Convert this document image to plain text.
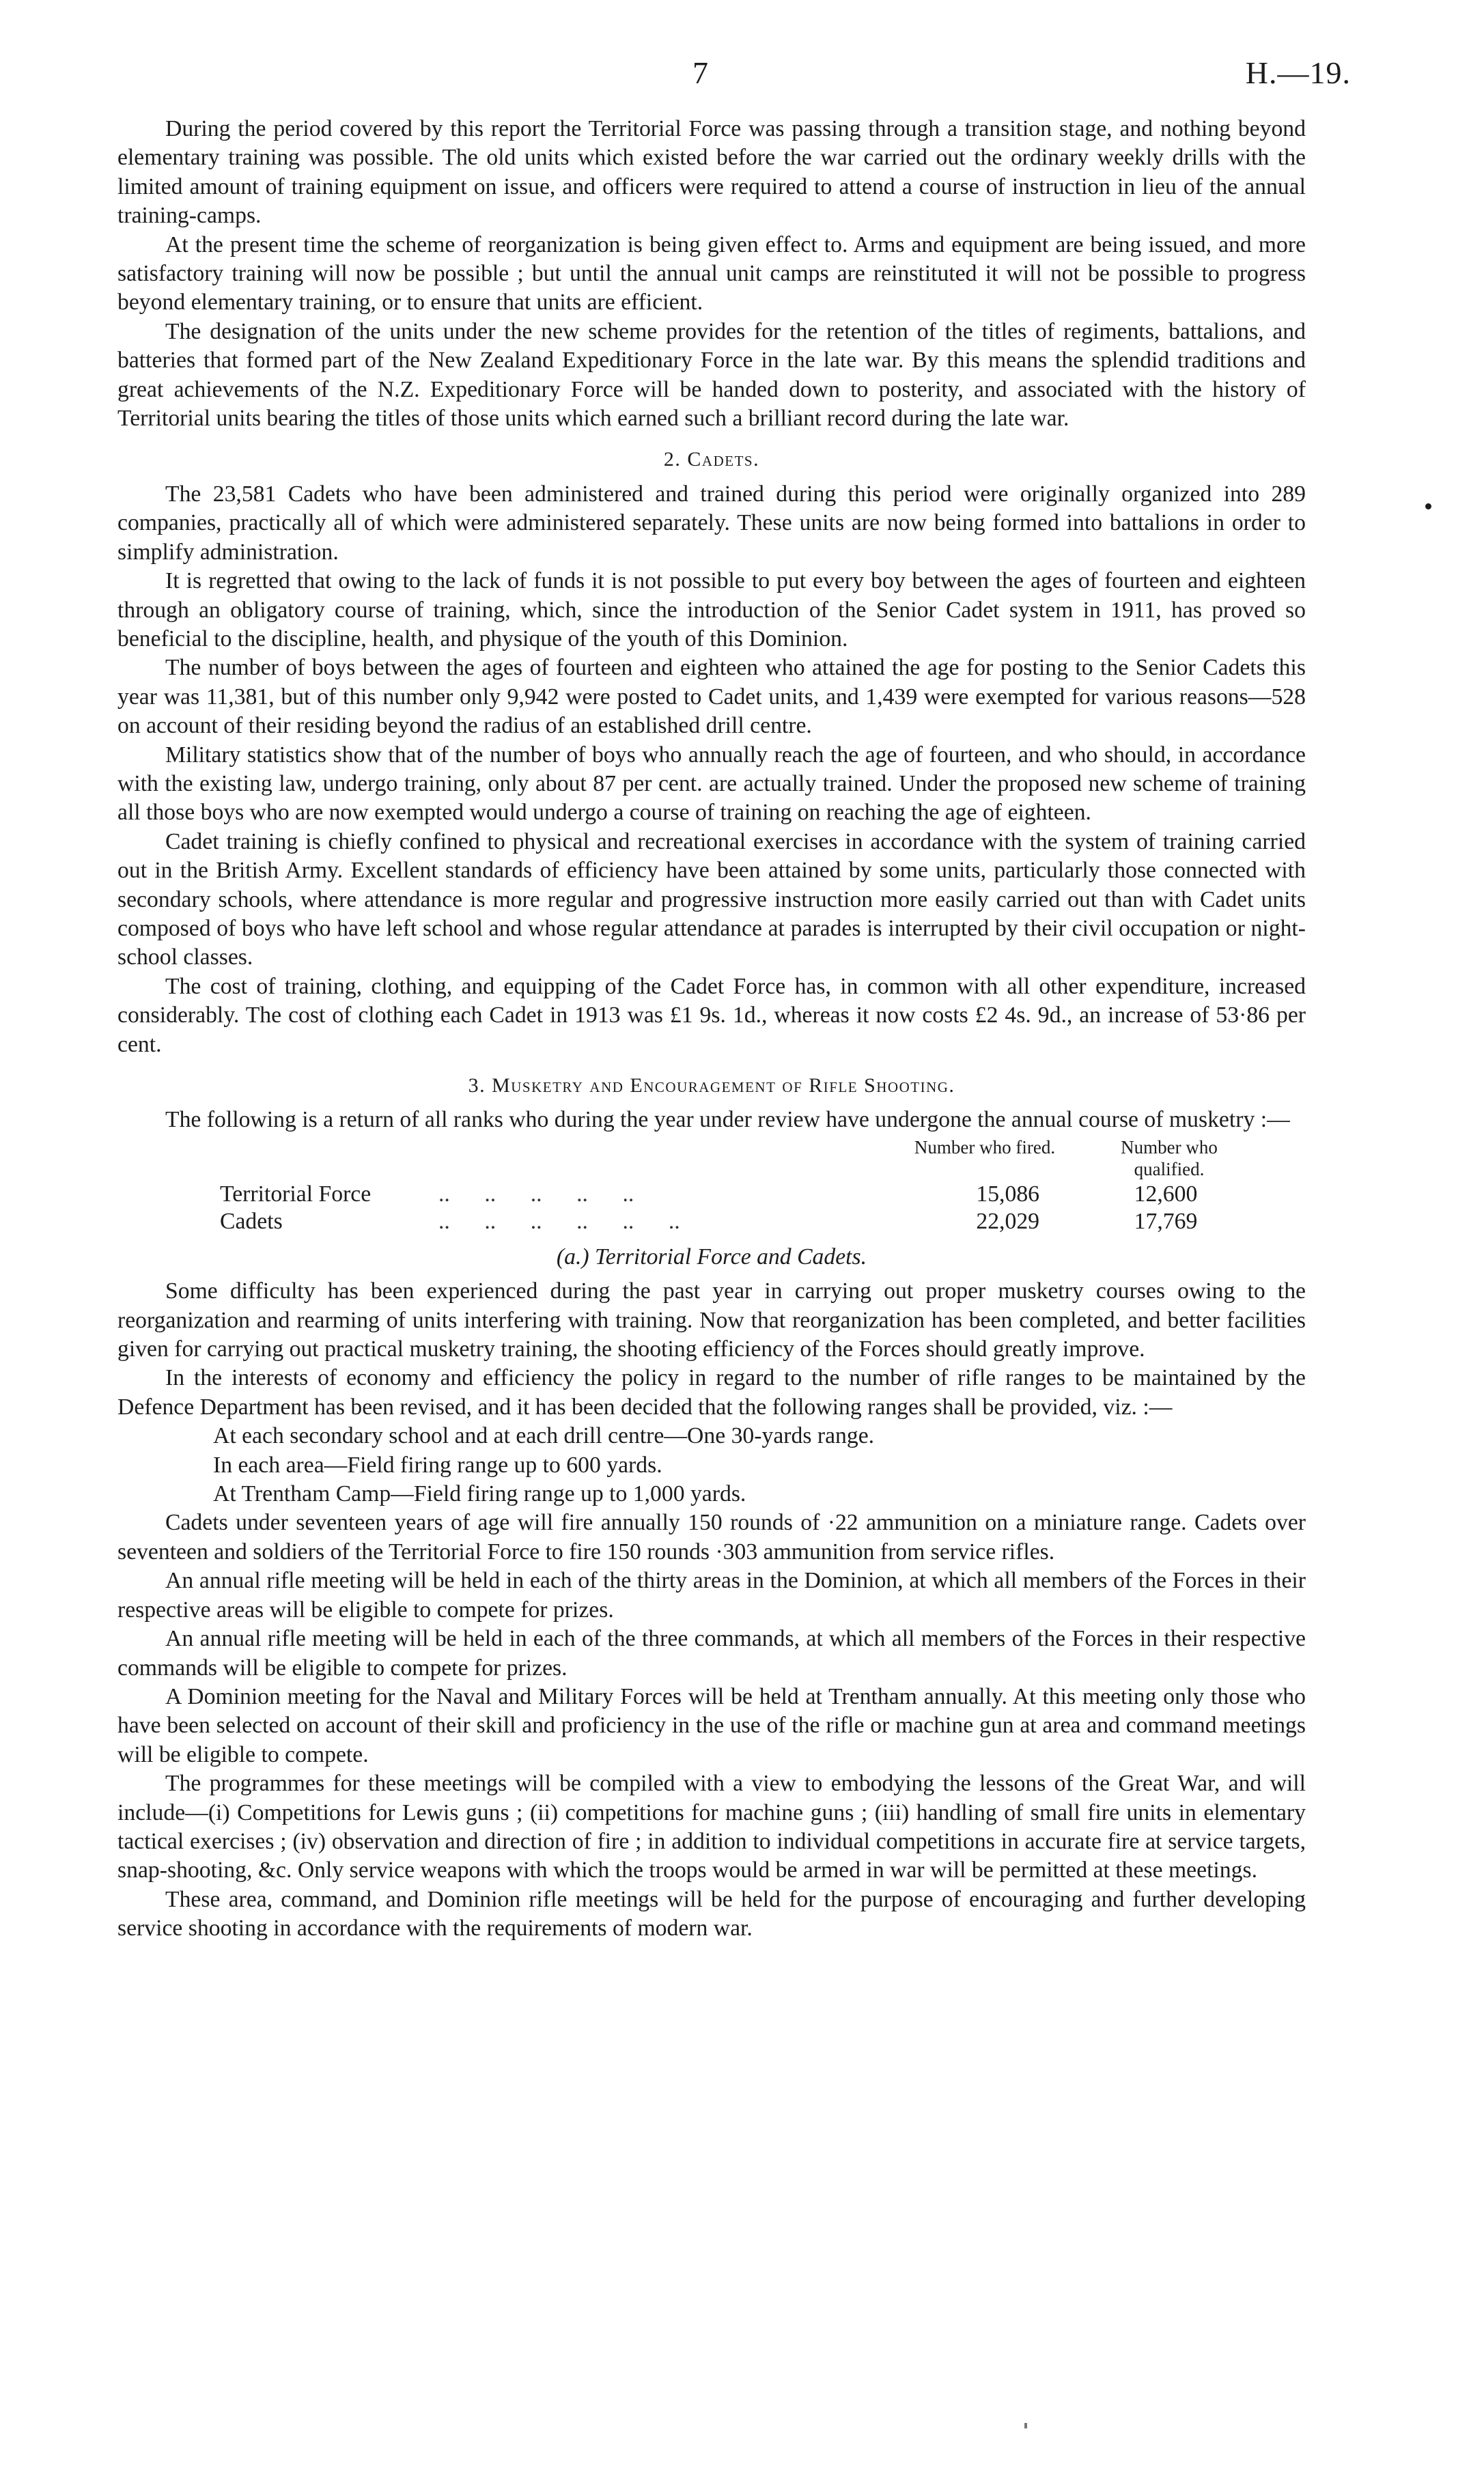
7	H.—19.

During the period covered by this report the Territorial Force was passing through a transition stage, and nothing beyond elementary training was possible. The old units which existed before the war carried out the ordinary weekly drills with the limited amount of training equipment on issue, and officers were required to attend a course of instruction in lieu of the annual training-camps.

At the present time the scheme of reorganization is being given effect to. Arms and equipment are being issued, and more satisfactory training will now be possible ; but until the annual unit camps are reinstituted it will not be possible to progress beyond elementary training, or to ensure that units are efficient.

The designation of the units under the new scheme provides for the retention of the titles of regiments, battalions, and batteries that formed part of the New Zealand Expeditionary Force in the late war. By this means the splendid traditions and great achievements of the N.Z. Expeditionary Force will be handed down to posterity, and associated with the history of Territorial units bearing the titles of those units which earned such a brilliant record during the late war.

2. Cadets.

The 23,581 Cadets who have been administered and trained during this period were originally organized into 289 companies, practically all of which were administered separately. These units are now being formed into battalions in order to simplify administration.

It is regretted that owing to the lack of funds it is not possible to put every boy between the ages of fourteen and eighteen through an obligatory course of training, which, since the introduction of the Senior Cadet system in 1911, has proved so beneficial to the discipline, health, and physique of the youth of this Dominion.

The number of boys between the ages of fourteen and eighteen who attained the age for posting to the Senior Cadets this year was 11,381, but of this number only 9,942 were posted to Cadet units, and 1,439 were exempted for various reasons—528 on account of their residing beyond the radius of an established drill centre.

Military statistics show that of the number of boys who annually reach the age of fourteen, and who should, in accordance with the existing law, undergo training, only about 87 per cent. are actually trained. Under the proposed new scheme of training all those boys who are now exempted would undergo a course of training on reaching the age of eighteen.

Cadet training is chiefly confined to physical and recreational exercises in accordance with the system of training carried out in the British Army. Excellent standards of efficiency have been attained by some units, particularly those connected with secondary schools, where attendance is more regular and progressive instruction more easily carried out than with Cadet units composed of boys who have left school and whose regular attendance at parades is interrupted by their civil occupation or night-school classes.

The cost of training, clothing, and equipping of the Cadet Force has, in common with all other expenditure, increased considerably. The cost of clothing each Cadet in 1913 was £1 9s. 1d., whereas it now costs £2 4s. 9d., an increase of 53·86 per cent.

3. Musketry and Encouragement of Rifle Shooting.

The following is a return of all ranks who during the year under review have undergone the annual course of musketry :—

Number who fired.	Number who qualified.
Territorial Force	..      ..      ..      ..      ..	15,086	12,600
Cadets	..      ..      ..      ..      ..      ..	22,029	17,769
(a.) Territorial Force and Cadets.

Some difficulty has been experienced during the past year in carrying out proper musketry courses owing to the reorganization and rearming of units interfering with training. Now that reorganization has been completed, and better facilities given for carrying out practical musketry training, the shooting efficiency of the Forces should greatly improve.

In the interests of economy and efficiency the policy in regard to the number of rifle ranges to be maintained by the Defence Department has been revised, and it has been decided that the following ranges shall be provided, viz. :—

At each secondary school and at each drill centre—One 30-yards range.
In each area—Field firing range up to 600 yards.
At Trentham Camp—Field firing range up to 1,000 yards.

Cadets under seventeen years of age will fire annually 150 rounds of ·22 ammunition on a miniature range. Cadets over seventeen and soldiers of the Territorial Force to fire 150 rounds ·303 ammunition from service rifles.

An annual rifle meeting will be held in each of the thirty areas in the Dominion, at which all members of the Forces in their respective areas will be eligible to compete for prizes.

An annual rifle meeting will be held in each of the three commands, at which all members of the Forces in their respective commands will be eligible to compete for prizes.

A Dominion meeting for the Naval and Military Forces will be held at Trentham annually. At this meeting only those who have been selected on account of their skill and proficiency in the use of the rifle or machine gun at area and command meetings will be eligible to compete.

The programmes for these meetings will be compiled with a view to embodying the lessons of the Great War, and will include—(i) Competitions for Lewis guns ; (ii) competitions for machine guns ; (iii) handling of small fire units in elementary tactical exercises ; (iv) observation and direction of fire ; in addition to individual competitions in accurate fire at service targets, snap-shooting, &c. Only service weapons with which the troops would be armed in war will be permitted at these meetings.

These area, command, and Dominion rifle meetings will be held for the purpose of encouraging and further developing service shooting in accordance with the requirements of modern war.
